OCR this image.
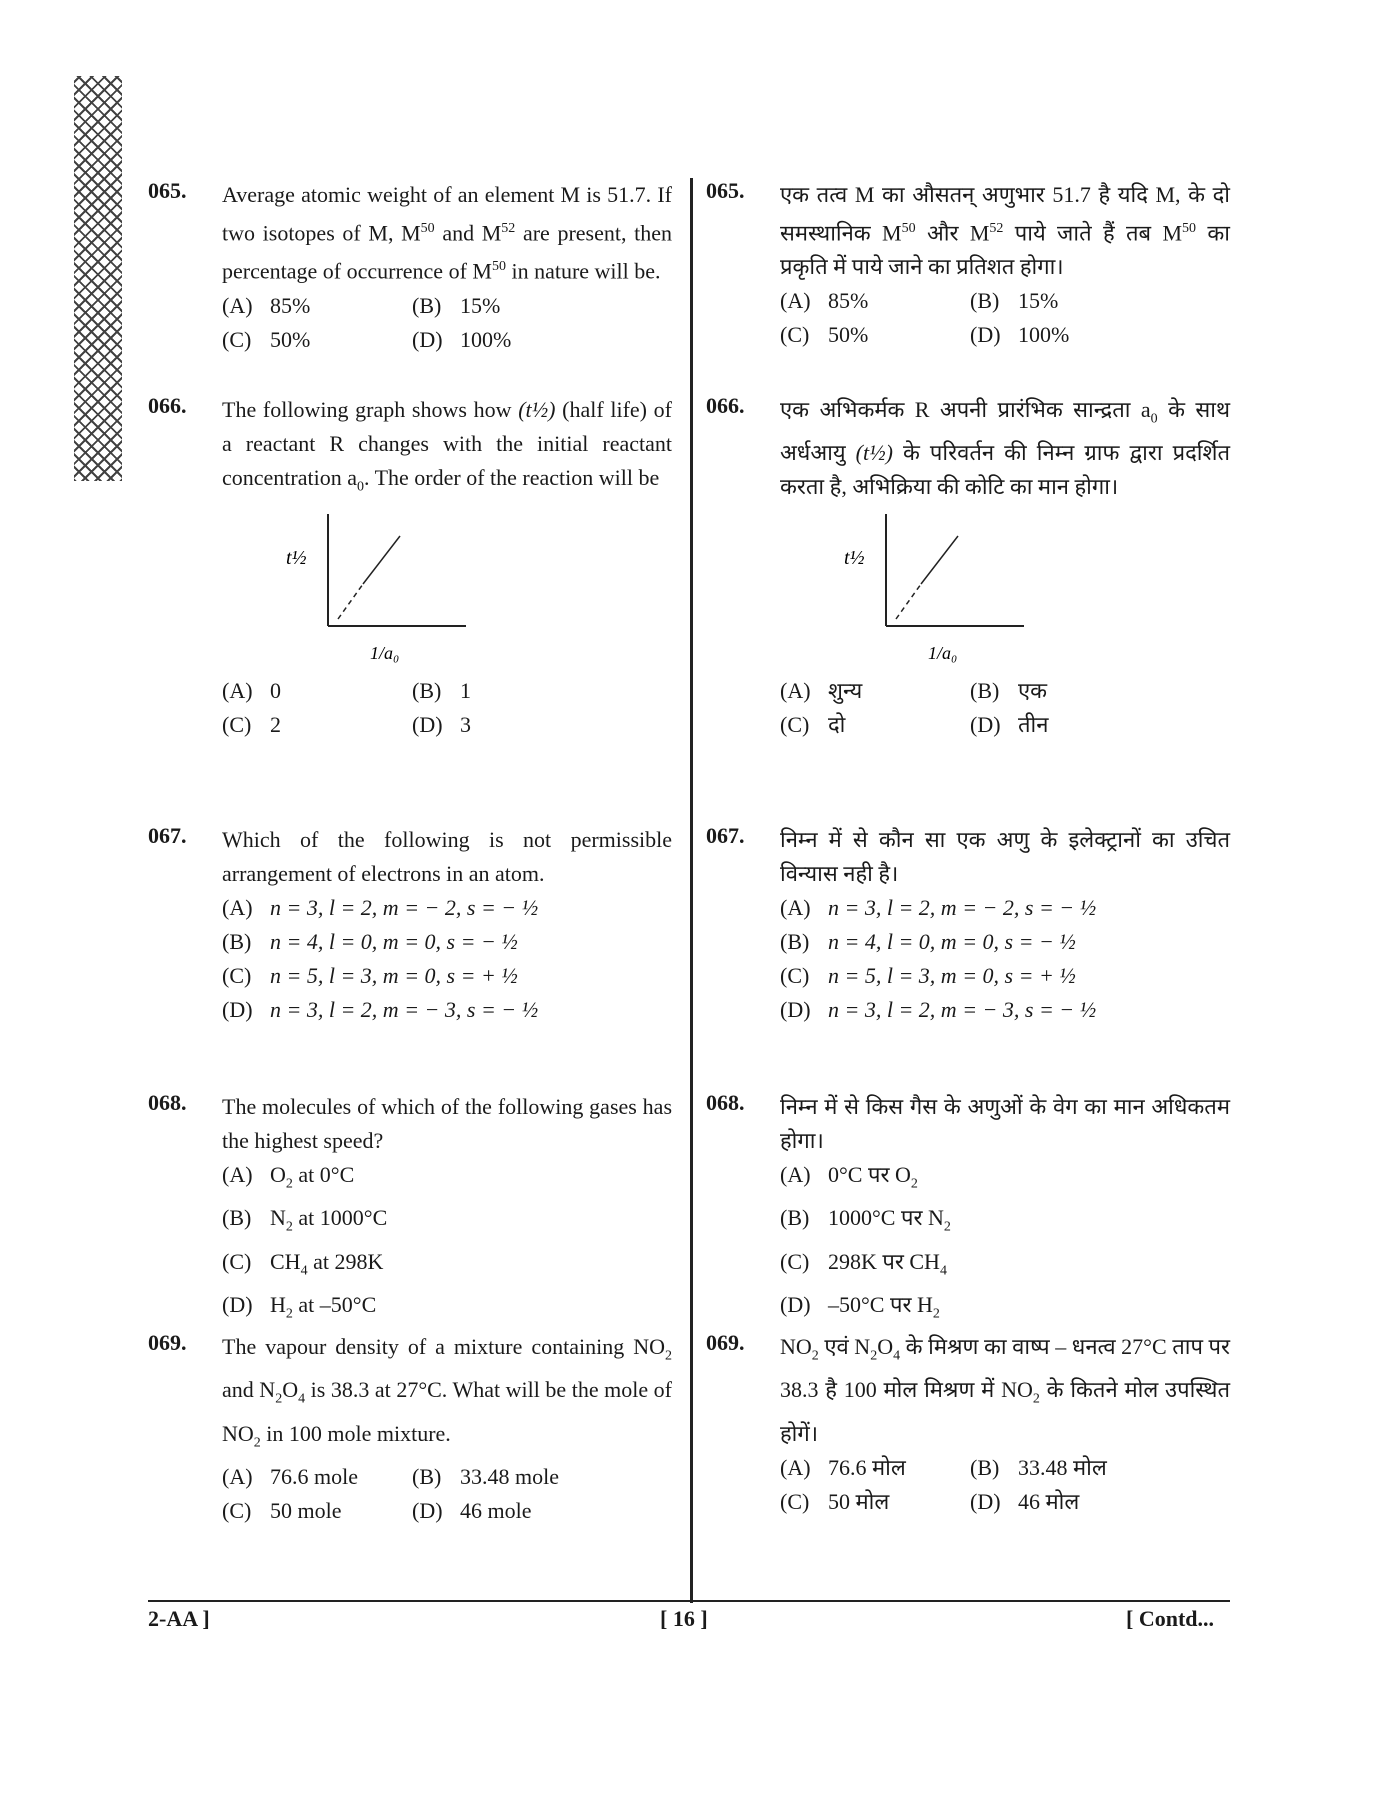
065. Average atomic weight of an element M is 51.7. If two isotopes of M, $M^{50}$ and $M^{52}$ are present, then percentage of occurrence of $M^{50}$ in nature will be.
(A) 85%	(B) 15%
(C) 50%	(D) 100%
066. The following graph shows how (t½) (half life) of a reactant R changes with the initial reactant concentration $a_0$. The order of the reaction will be
t½
1/a₀
(A) 0	(B) 1
(C) 2	(D) 3
067. Which of the following is not permissible arrangement of electrons in an atom.
(A) n = 3, l = 2, m = − 2, s = − ½
(B) n = 4, l = 0, m = 0, s = − ½
(C) n = 5, l = 3, m = 0, s = + ½
(D) n = 3, l = 2, m = − 3, s = − ½
068. The molecules of which of the following gases has the highest speed?
(A) $O_2$ at 0°C
(B) $N_2$ at 1000°C
(C) $CH_4$ at 298K
(D) $H_2$ at –50°C
069. The vapour density of a mixture containing $NO_2$ and $N_2O_4$ is 38.3 at 27°C. What will be the mole of $NO_2$ in 100 mole mixture.
(A) 76.6 mole	(B) 33.48 mole
(C) 50 mole	(D) 46 mole
065. एक तत्व M का औसतन् अणुभार 51.7 है यदि M, के दो समस्थानिक $M^{50}$ और $M^{52}$ पाये जाते हैं तब $M^{50}$ का प्रकृति में पाये जाने का प्रतिशत होगा।
(A) 85%	(B) 15%
(C) 50%	(D) 100%
066. एक अभिकर्मक R अपनी प्रारंभिक सान्द्रता $a_0$ के साथ अर्धआयु (t½) के परिवर्तन की निम्न ग्राफ द्वारा प्रदर्शित करता है, अभिक्रिया की कोटि का मान होगा।
t½
1/a₀
(A) शुन्य	(B) एक
(C) दो	(D) तीन
067. निम्न में से कौन सा एक अणु के इलेक्ट्रानों का उचित विन्यास नही है।
(A) n = 3, l = 2, m = − 2, s = − ½
(B) n = 4, l = 0, m = 0, s = − ½
(C) n = 5, l = 3, m = 0, s = + ½
(D) n = 3, l = 2, m = − 3, s = − ½
068. निम्न में से किस गैस के अणुओं के वेग का मान अधिकतम होगा।
(A) 0°C पर $O_2$
(B) 1000°C पर $N_2$
(C) 298K पर $CH_4$
(D) –50°C पर $H_2$
069. $NO_2$ एवं $N_2O_4$ के मिश्रण का वाष्प – धनत्व 27°C ताप पर 38.3 है 100 मोल मिश्रण में $NO_2$ के कितने मोल उपस्थित होगें।
(A) 76.6 मोल	(B) 33.48 मोल
(C) 50 मोल	(D) 46 मोल
2-AA ]	[ 16 ]	[ Contd...
